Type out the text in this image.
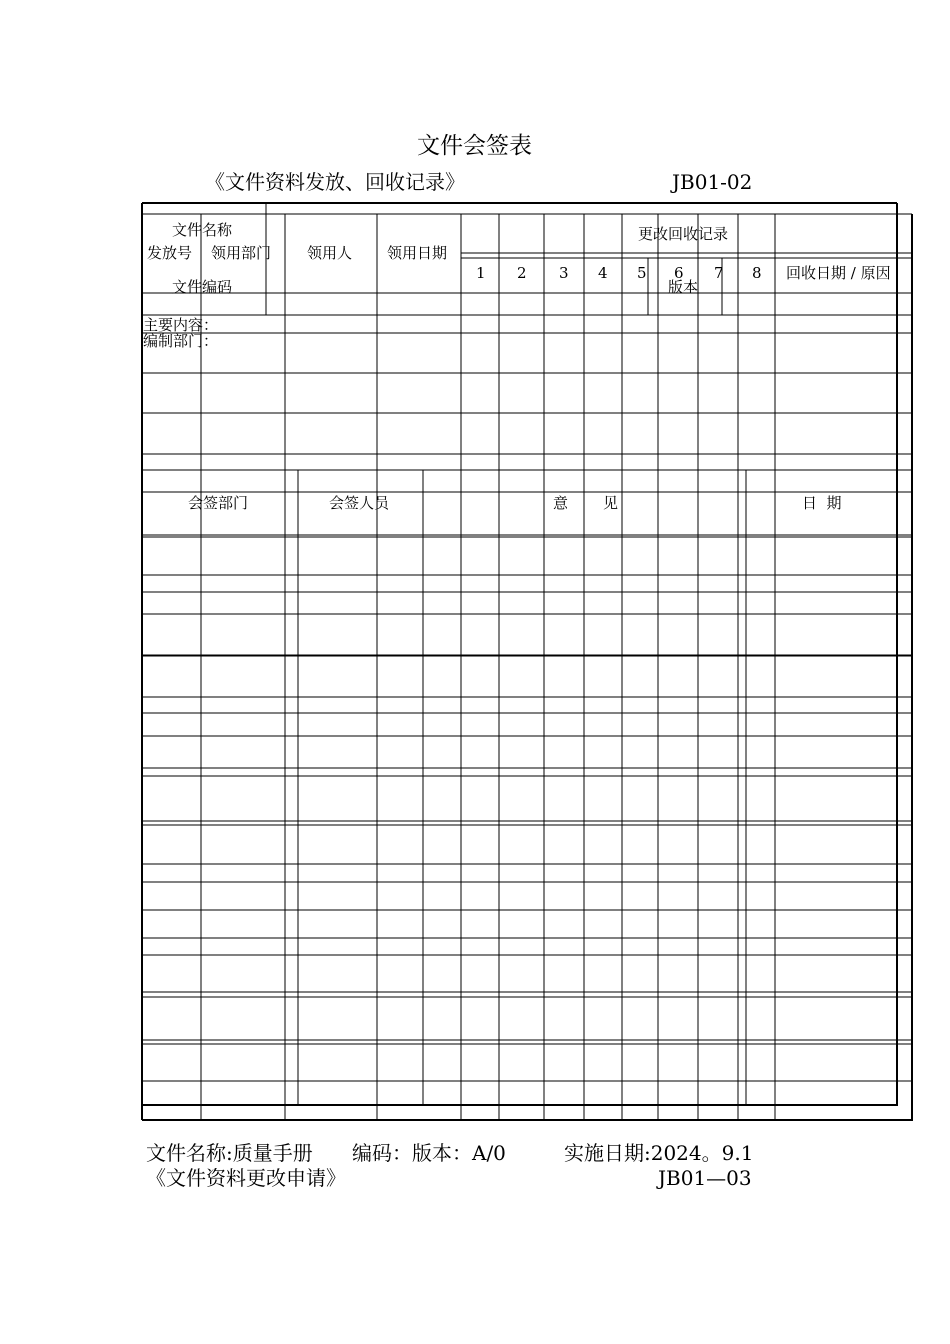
文件会签表
《文件资料发放、回收记录》	JB01-02
文件名称
发放号 领用部门 领用人 领用日期
更改回收记录
1 2 3 4 5 6 7 8 回收日期 / 原因
文件编码	版本
主要内容：
编制部门：
会签部门	会签人员	意 见	日  期
文件名称:质量手册 编码：版本：A/0	实施日期:2024。9.1
《文件资料更改申请》	JB01—03
